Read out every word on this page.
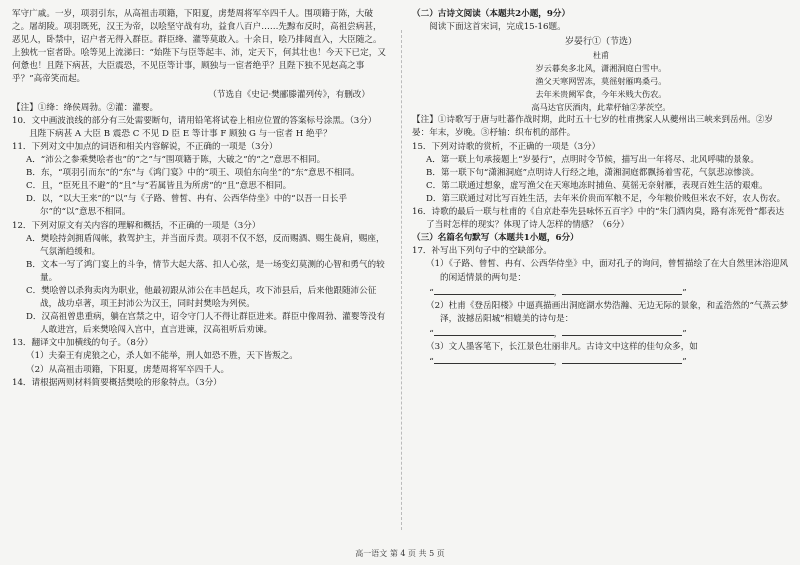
军守广戚。一岁，项羽引东，从高祖击项籍，下阳夏，虏楚周将军卒四千人。围项籍于陈，大破之。屠胡陵。项羽既死，汉王为帝，以哙坚守战有功，益食八百户……先黥布反时，高祖尝病甚，恶见人，卧禁中，诏户者无得入群臣。群臣绛、灌等莫敢入。十余日，哙乃排闼直入，大臣随之。上独枕一宦者卧。哙等见上流涕曰：“始陛下与臣等起丰、沛，定天下，何其壮也！今天下已定，又何惫也！且陛下病甚，大臣震恐，不见臣等计事，顾独与一宦者绝乎？且陛下独不见赵高之事乎？”高帝笑而起。

（节选自《史记·樊郦滕灌列传》，有删改）

【注】①绛：绛侯周勃。②灌：灌婴。

10．文中画波浪线的部分有三处需要断句，请用铅笔将试卷上相应位置的答案标号涂黑。（3分）

且陛下病甚 A 大臣 B 震恐 C 不见 D 臣 E 等计事 F 顾独 G 与一宦者 H 绝乎？

11．下列对文中加点的词语和相关内容解说，不正确的一项是（3分）

A．“沛公之参乘樊哙者也”的“之”与“围项籍于陈，大破之”的“之”意思不相同。

B．东，“项羽引而东”的“东”与《鸿门宴》中的“项王、项伯东向坐”的“东”意思不相同。

C．且，“臣死且不避”的“且”与“若属皆且为所虏”的“且”意思不相同。

D．以，“以大王来”的“以”与《子路、曾皙、冉有、公西华侍坐》中的“以吾一日长乎尔”的“以”意思不相同。

12．下列对原文有关内容的理解和概括，不正确的一项是（3分）

A．樊哙持剑拥盾闯帐，救驾护主，并当面斥责。项羽不仅不怒，反而赐酒、赐生彘肩，赐座，气氛渐趋缓和。

B．文本一写了鸿门宴上的斗争，情节大起大落、扣人心弦，是一场变幻莫测的心智和勇气的较量。

C．樊哙曾以杀狗卖肉为职业，他最初跟从沛公在丰邑起兵，攻下沛县后，后来他跟随沛公征战，战功卓著，项王封沛公为汉王，同时封樊哙为列侯。

D．汉高祖曾患重病，躺在宫禁之中，诏令守门人不得让群臣进来。群臣中像周勃、灌婴等没有人敢进宫，后来樊哙闯入宫中，直言进谏，汉高祖听后劝谏。

13．翻译文中加横线的句子。（8分）

（1）夫秦王有虎狼之心，杀人如不能举，刑人如恐不胜，天下皆叛之。

（2）从高祖击项籍，下阳夏，虏楚周将军卒四千人。

14．请根据两则材料简要概括樊哙的形象特点。（3分）

（二）古诗文阅读（本题共2小题，9分）

阅读下面这首宋词，完成15-16题。

岁晏行①（节选）

杜甫

岁云暮矣多北风，潇湘洞庭白雪中。

渔父天寒网罟冻，莫徭射雁鸣桑弓。

去年米贵阙军食，今年米贱大伤农。

高马达官厌酒肉，此辈杼轴②茅茨空。

【注】①诗歌写于唐与吐蕃作战时期，此时五十七岁的杜甫携家人从夔州出三峡来到岳州。②岁晏：年末，岁晚。③杼轴：织布机的部件。

15．下列对诗歌的赏析，不正确的一项是（3分）

A．第一联上句承接题上“岁晏行”，点明时令节候，描写出一年将尽、北风呼啸的景象。

B．第一联下句“潇湘洞庭”点明诗人行经之地，潇湘洞庭都飘扬着雪花，气氛悲凉惨淡。

C．第二联通过想象，虚写渔父在天寒地冻时捕鱼、莫徭无奈射雁，表现百姓生活的艰难。

D．第三联通过对比写百姓生活，去年米价贵而军粮不足，今年粮价贱但米农不好，农人伤农。

16．诗歌的最后一联与杜甫的《自京赴奉先县咏怀五百字》中的“朱门酒肉臭，路有冻死骨”都表达了当时怎样的现实？体现了诗人怎样的情感？（6分）

（三）名篇名句默写（本题共1小题，6分）

17．补写出下列句子中的空缺部分。

（1）《子路、曾皙、冉有、公西华侍坐》中，面对孔子的询问，曾皙描绘了在大自然里沐浴迎风的闲适情景的两句是：

“	，	”

（2）杜甫《登岳阳楼》中逼真描画出洞庭湖水势浩瀚、无边无际的景象，和孟浩然的“气蒸云梦泽，波撼岳阳城”相媲美的诗句是：

“	，	”

（3）文人墨客笔下，长江景色壮丽非凡。古诗文中这样的佳句众多，如

“	，	”

高一语文 第 4 页 共 5 页
